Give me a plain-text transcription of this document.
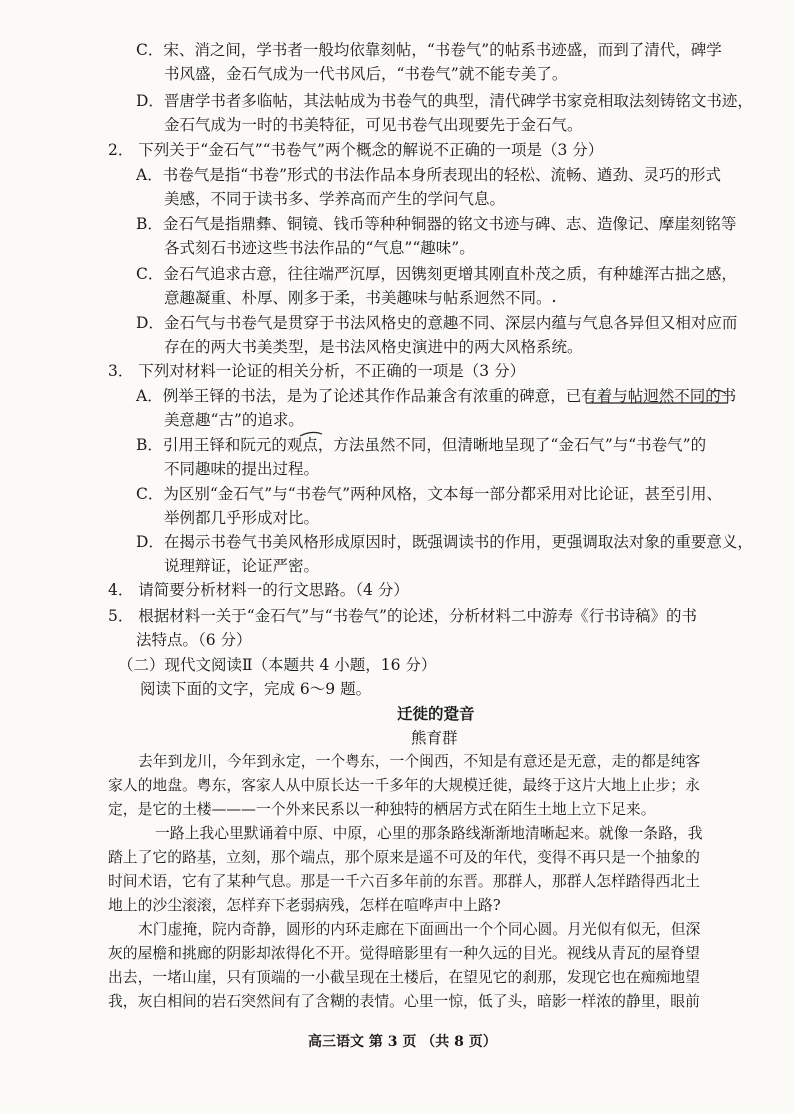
C．宋、消之间，学书者一般均依靠刻帖，“书卷气”的帖系书迹盛，而到了清代，碑学
书风盛，金石气成为一代书风后，“书卷气”就不能专美了。
D．晋唐学书者多临帖，其法帖成为书卷气的典型，清代碑学书家竞相取法刻铸铭文书迹，
金石气成为一时的书美特征，可见书卷气出现要先于金石气。
2． 下列关于“金石气”“书卷气”两个概念的解说不正确的一项是（3 分）
A．书卷气是指“书卷”形式的书法作品本身所表现出的轻松、流畅、遒劲、灵巧的形式
美感，不同于读书多、学养高而产生的学问气息。
B．金石气是指鼎彝、铜镜、钱币等种种铜器的铭文书迹与碑、志、造像记、摩崖刻铭等
各式刻石书迹这些书法作品的“气息”“趣味”。
C．金石气追求古意，往往端严沉厚，因镌刻更增其刚直朴茂之质，有种雄浑古拙之感，
意趣凝重、朴厚、刚多于柔，书美趣味与帖系迥然不同。
D．金石气与书卷气是贯穿于书法风格史的意趣不同、深层内蕴与气息各异但又相对应而
存在的两大书美类型，是书法风格史演进中的两大风格系统。
3． 下列对材料一论证的相关分析，不正确的一项是（3 分）
A．例举王铎的书法，是为了论述其作作品兼含有浓重的碑意，已有着与帖迥然不同的书
美意趣“古”的追求。
B．引用王铎和阮元的观点，方法虽然不同，但清晰地呈现了“金石气”与“书卷气”的
不同趣味的提出过程。
C．为区别“金石气”与“书卷气”两种风格，文本每一部分都采用对比论证，甚至引用、
举例都几乎形成对比。
D．在揭示书卷气书美风格形成原因时，既强调读书的作用，更强调取法对象的重要意义，
说理辩证，论证严密。
4． 请简要分析材料一的行文思路。（4 分）
5． 根据材料一关于“金石气”与“书卷气”的论述，分析材料二中游寿《行书诗稿》的书
法特点。（6 分）
（二）现代文阅读Ⅱ（本题共 4 小题，16 分）
阅读下面的文字，完成 6～9 题。
迁徙的跫音
熊育群
去年到龙川，今年到永定，一个粤东，一个闽西，不知是有意还是无意，走的都是纯客
家人的地盘。粤东，客家人从中原长达一千多年的大规模迁徙，最终于这片大地上止步；永
定，是它的土楼———一个外来民系以一种独特的栖居方式在陌生土地上立下足来。
一路上我心里默诵着中原、中原，心里的那条路线渐渐地清晰起来。就像一条路，我
踏上了它的路基，立刻，那个端点，那个原来是遥不可及的年代，变得不再只是一个抽象的
时间术语，它有了某种气息。那是一千六百多年前的东晋。那群人，那群人怎样踏得西北土
地上的沙尘滚滚，怎样弃下老弱病残，怎样在喧哗声中上路?
木门虚掩，院内奇静，圆形的内环走廊在下面画出一个个同心圆。月光似有似无，但深
灰的屋檐和挑廊的阴影却浓得化不开。觉得暗影里有一种久远的目光。视线从青瓦的屋脊望
出去，一堵山崖，只有顶端的一小截呈现在土楼后，在望见它的刹那，发现它也在痴痴地望
我，灰白相间的岩石突然间有了含糊的表情。心里一惊，低了头，暗影一样浓的静里，眼前
高三语文 第 3 页 （共 8 页）
